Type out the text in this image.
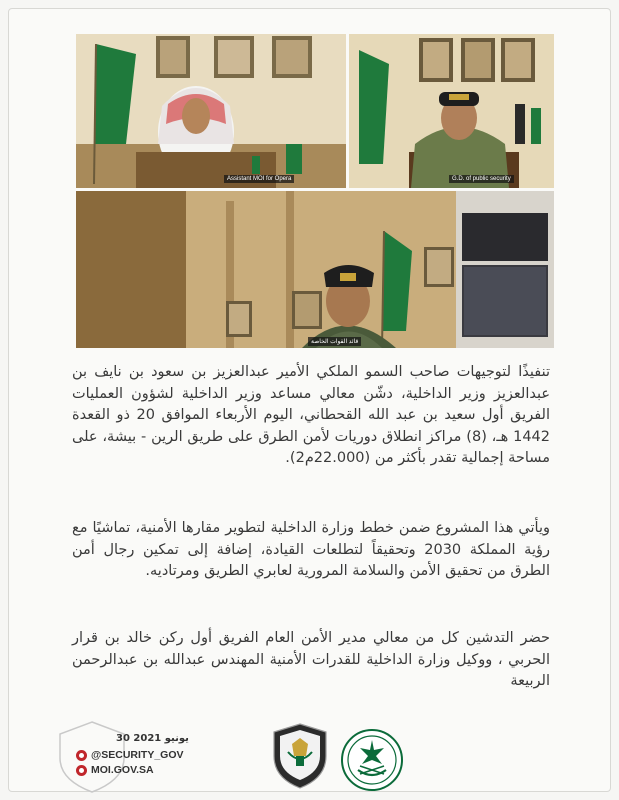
Assistant MOI for Opera	G.D. of public security
قائد القوات الخاصة

تنفيذًا لتوجيهات صاحب السمو الملكي الأمير عبدالعزيز بن سعود بن نايف بن عبدالعزيز وزير الداخلية، دشّن معالي مساعد وزير الداخلية لشؤون العمليات الفريق أول سعيد بن عبد الله القحطاني، اليوم الأربعاء الموافق 20 ذو القعدة 1442 هـ، (8) مراكز انطلاق دوريات لأمن الطرق على طريق الرين - بيشة، على مساحة إجمالية تقدر بأكثر من (22.000م2).

ويأتي هذا المشروع ضمن خطط وزارة الداخلية لتطوير مقارها الأمنية، تماشيًا مع رؤية المملكة 2030 وتحقيقاً لتطلعات القيادة، إضافة إلى تمكين رجال أمن الطرق من تحقيق الأمن والسلامة المرورية لعابري الطريق ومرتاديه.

حضر التدشين كل من معالي مدير الأمن العام الفريق أول ركن خالد بن قرار الحربي ، ووكيل وزارة الداخلية للقدرات الأمنية المهندس عبدالله بن عبدالرحمن الربيعة

30 يونيو 2021
@SECURITY_GOV
MOI.GOV.SA
